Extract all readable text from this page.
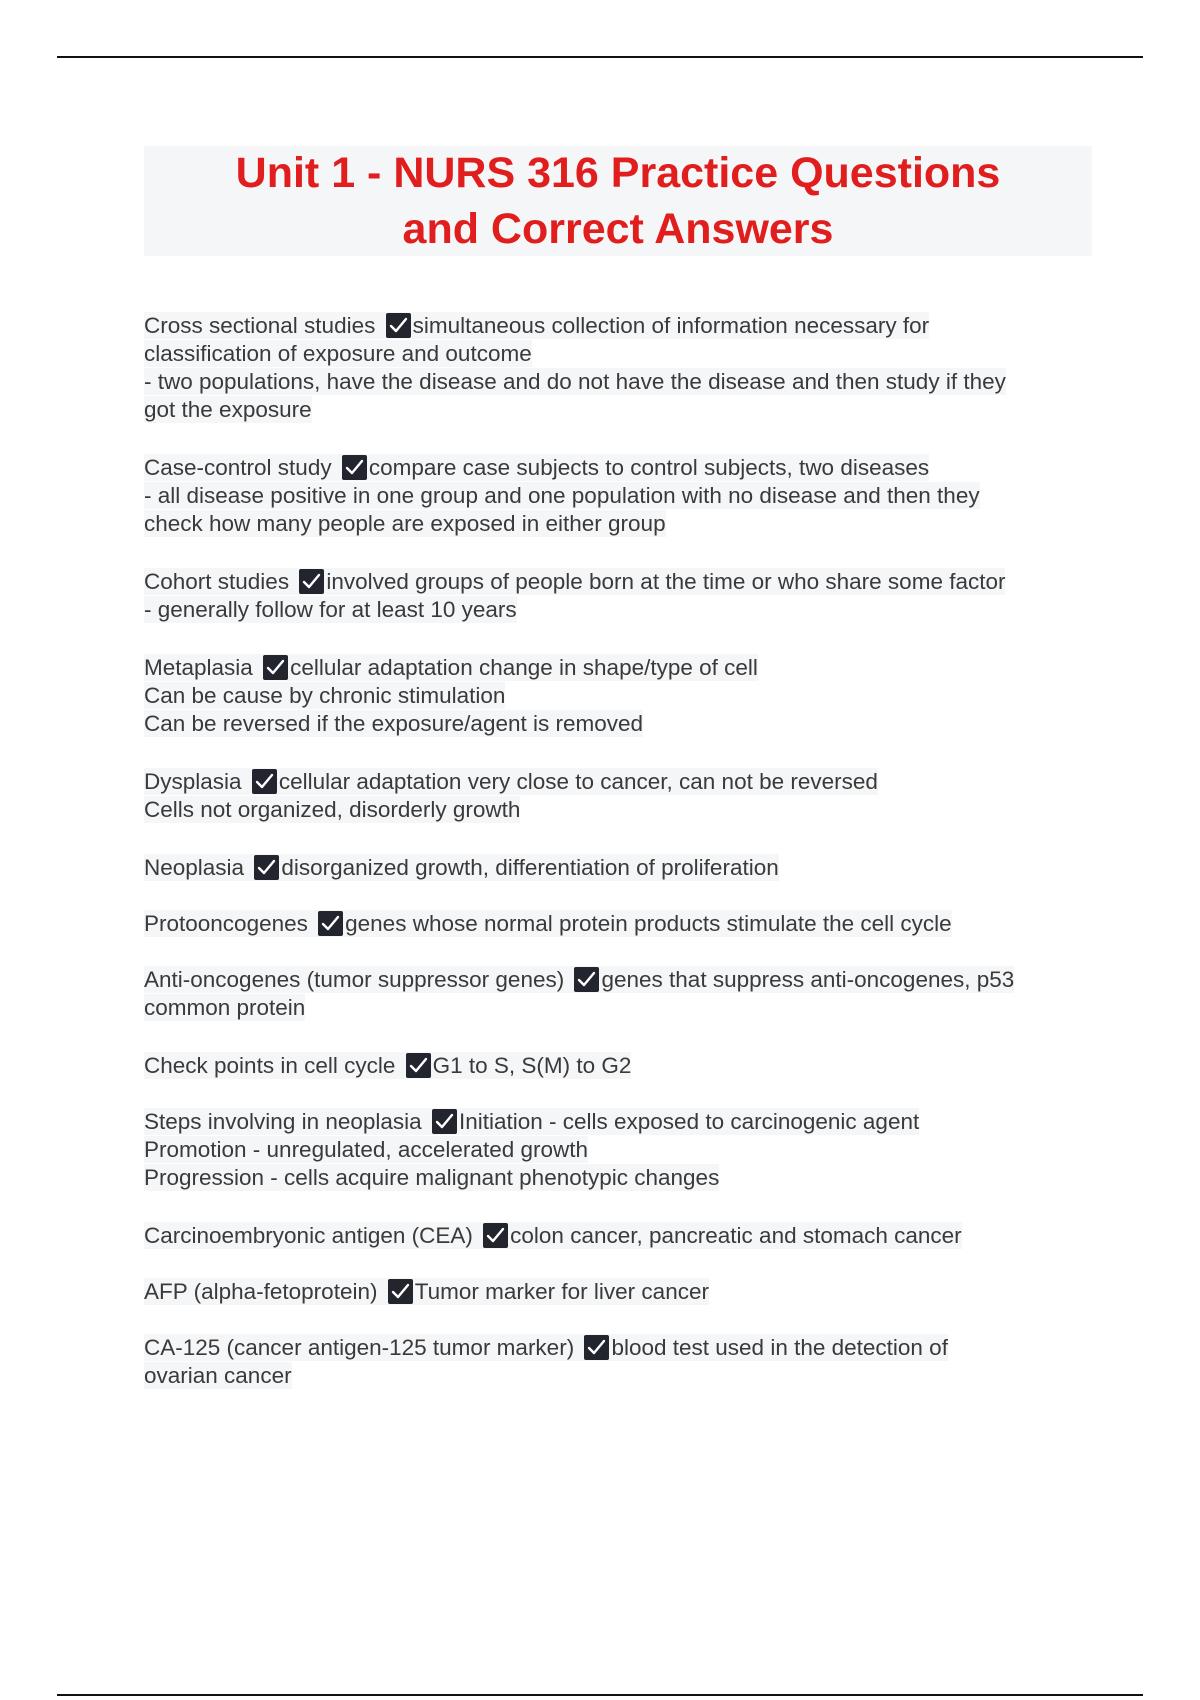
Unit 1 - NURS 316 Practice Questions
and Correct Answers

Cross sectional studies simultaneous collection of information necessary for
classification of exposure and outcome
- two populations, have the disease and do not have the disease and then study if they
got the exposure

Case-control study compare case subjects to control subjects, two diseases
- all disease positive in one group and one population with no disease and then they
check how many people are exposed in either group

Cohort studies involved groups of people born at the time or who share some factor
- generally follow for at least 10 years

Metaplasia cellular adaptation change in shape/type of cell
Can be cause by chronic stimulation
Can be reversed if the exposure/agent is removed

Dysplasia cellular adaptation very close to cancer, can not be reversed
Cells not organized, disorderly growth

Neoplasia disorganized growth, differentiation of proliferation

Protooncogenes genes whose normal protein products stimulate the cell cycle

Anti-oncogenes (tumor suppressor genes) genes that suppress anti-oncogenes, p53
common protein

Check points in cell cycle G1 to S, S(M) to G2

Steps involving in neoplasia Initiation - cells exposed to carcinogenic agent
Promotion - unregulated, accelerated growth
Progression - cells acquire malignant phenotypic changes

Carcinoembryonic antigen (CEA) colon cancer, pancreatic and stomach cancer

AFP (alpha-fetoprotein) Tumor marker for liver cancer

CA-125 (cancer antigen-125 tumor marker) blood test used in the detection of
ovarian cancer
